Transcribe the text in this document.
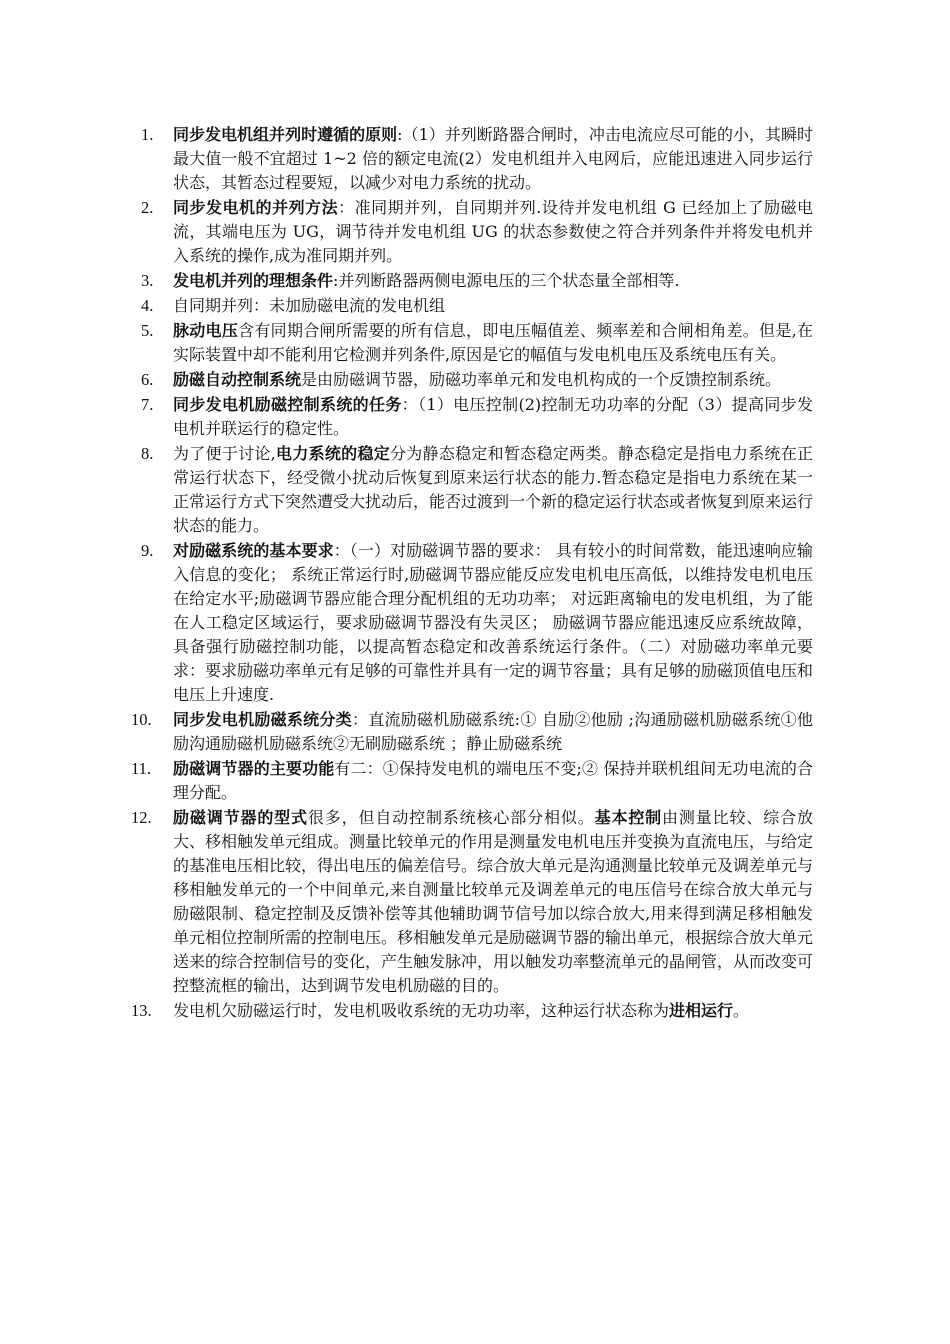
1. 同步发电机组并列时遵循的原则:（1）并列断路器合闸时，冲击电流应尽可能的小，其瞬时最大值一般不宜超过 1~2 倍的额定电流(2）发电机组并入电网后，应能迅速进入同步运行状态，其暂态过程要短，以减少对电力系统的扰动。
2. 同步发电机的并列方法：准同期并列，自同期并列.设待并发电机组 G 已经加上了励磁电流，其端电压为 UG，调节待并发电机组 UG 的状态参数使之符合并列条件并将发电机并入系统的操作,成为准同期并列。
3. 发电机并列的理想条件:并列断路器两侧电源电压的三个状态量全部相等.
4. 自同期并列：未加励磁电流的发电机组
5. 脉动电压含有同期合闸所需要的所有信息，即电压幅值差、频率差和合闸相角差。但是,在实际装置中却不能利用它检测并列条件,原因是它的幅值与发电机电压及系统电压有关。
6. 励磁自动控制系统是由励磁调节器，励磁功率单元和发电机构成的一个反馈控制系统。
7. 同步发电机励磁控制系统的任务：（1）电压控制(2)控制无功功率的分配（3）提高同步发电机并联运行的稳定性。
8. 为了便于讨论,电力系统的稳定分为静态稳定和暂态稳定两类。静态稳定是指电力系统在正常运行状态下，经受微小扰动后恢复到原来运行状态的能力.暂态稳定是指电力系统在某一正常运行方式下突然遭受大扰动后，能否过渡到一个新的稳定运行状态或者恢复到原来运行状态的能力。
9. 对励磁系统的基本要求：（一）对励磁调节器的要求： 具有较小的时间常数，能迅速响应输入信息的变化； 系统正常运行时,励磁调节器应能反应发电机电压高低，以维持发电机电压在给定水平;励磁调节器应能合理分配机组的无功功率； 对远距离输电的发电机组，为了能在人工稳定区域运行，要求励磁调节器没有失灵区； 励磁调节器应能迅速反应系统故障，具备强行励磁控制功能，以提高暂态稳定和改善系统运行条件。（二）对励磁功率单元要求：要求励磁功率单元有足够的可靠性并具有一定的调节容量；具有足够的励磁顶值电压和电压上升速度.
10. 同步发电机励磁系统分类：直流励磁机励磁系统:① 自励②他励 ;沟通励磁机励磁系统①他励沟通励磁机励磁系统②无刷励磁系统 ；静止励磁系统
11. 励磁调节器的主要功能有二：①保持发电机的端电压不变;② 保持并联机组间无功电流的合理分配。
12. 励磁调节器的型式很多，但自动控制系统核心部分相似。基本控制由测量比较、综合放大、移相触发单元组成。测量比较单元的作用是测量发电机电压并变换为直流电压，与给定的基准电压相比较，得出电压的偏差信号。综合放大单元是沟通测量比较单元及调差单元与移相触发单元的一个中间单元,来自测量比较单元及调差单元的电压信号在综合放大单元与励磁限制、稳定控制及反馈补偿等其他辅助调节信号加以综合放大,用来得到满足移相触发单元相位控制所需的控制电压。移相触发单元是励磁调节器的输出单元，根据综合放大单元送来的综合控制信号的变化，产生触发脉冲，用以触发功率整流单元的晶闸管，从而改变可控整流框的输出，达到调节发电机励磁的目的。
13. 发电机欠励磁运行时，发电机吸收系统的无功功率，这种运行状态称为进相运行。
